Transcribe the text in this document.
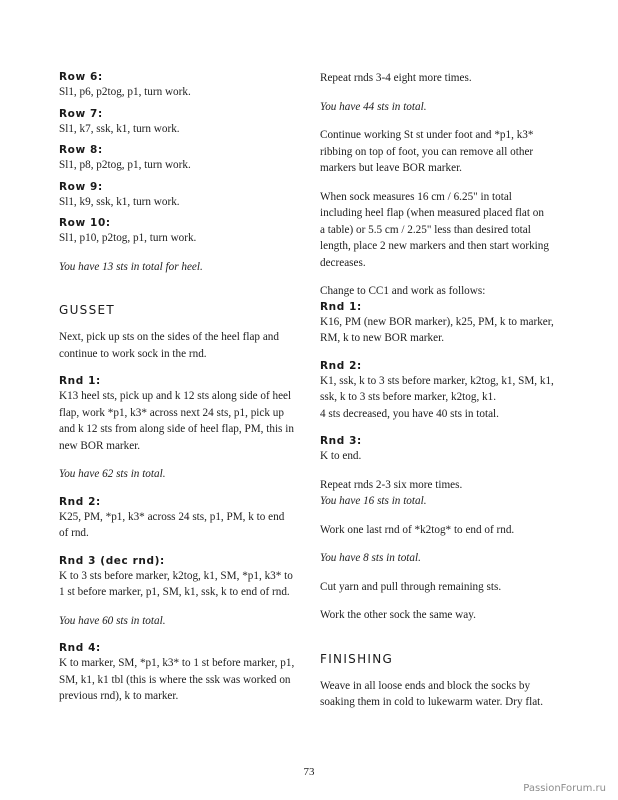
Row 6:

Sl1, p6, p2tog, p1, turn work.

Row 7:

Sl1, k7, ssk, k1, turn work.

Row 8:

Sl1, p8, p2tog, p1, turn work.

Row 9:

Sl1, k9, ssk, k1, turn work.

Row 10:

Sl1, p10, p2tog, p1, turn work.

You have 13 sts in total for heel.

GUSSET

Next, pick up sts on the sides of the heel flap and
continue to work sock in the rnd.

Rnd 1:

K13 heel sts, pick up and k 12 sts along side of heel
flap, work *p1, k3* across next 24 sts, p1, pick up
and k 12 sts from along side of heel flap, PM, this in
new BOR marker.

You have 62 sts in total.

Rnd 2:

K25, PM, *p1, k3* across 24 sts, p1, PM, k to end
of rnd.

Rnd 3 (dec rnd):

K to 3 sts before marker, k2tog, k1, SM, *p1, k3* to
1 st before marker, p1, SM, k1, ssk, k to end of rnd.

You have 60 sts in total.

Rnd 4:

K to marker, SM, *p1, k3* to 1 st before marker, p1,
SM, k1, k1 tbl (this is where the ssk was worked on
previous rnd), k to marker.

Repeat rnds 3-4 eight more times.

You have 44 sts in total.

Continue working St st under foot and *p1, k3*
ribbing on top of foot, you can remove all other
markers but leave BOR marker.

When sock measures 16 cm / 6.25" in total
including heel flap (when measured placed flat on
a table) or 5.5 cm / 2.25" less than desired total
length, place 2 new markers and then start working
decreases.

Change to CC1 and work as follows:

Rnd 1:

K16, PM (new BOR marker), k25, PM, k to marker,
RM, k to new BOR marker.

Rnd 2:

K1, ssk, k to 3 sts before marker, k2tog, k1, SM, k1,
ssk, k to 3 sts before marker, k2tog, k1.
4 sts decreased, you have 40 sts in total.

Rnd 3:

K to end.

Repeat rnds 2-3 six more times.

You have 16 sts in total.

Work one last rnd of *k2tog* to end of rnd.

You have 8 sts in total.

Cut yarn and pull through remaining sts.

Work the other sock the same way.

FINISHING

Weave in all loose ends and block the socks by
soaking them in cold to lukewarm water. Dry flat.

73
PassionForum.ru
